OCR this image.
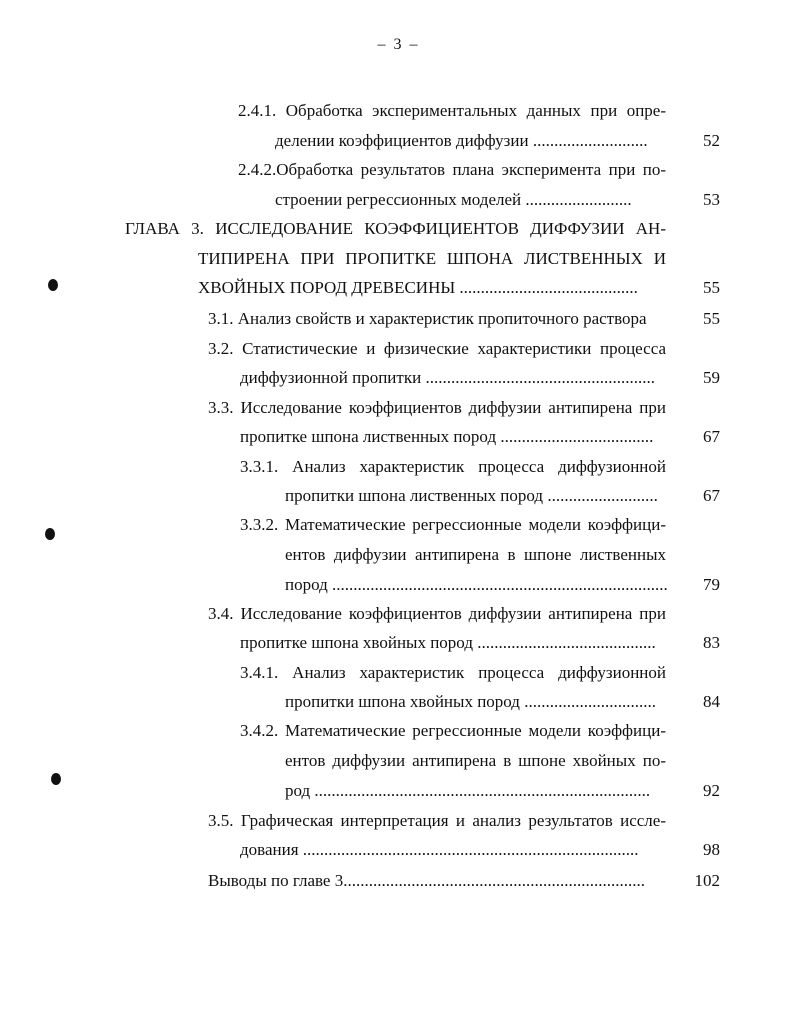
– 3 –
2.4.1. Обработка экспериментальных данных при опре-
делении коэффициентов диффузии ...........................	52
2.4.2.Обработка результатов плана эксперимента при по-
строении регрессионных моделей .........................	53
ГЛАВА 3. ИССЛЕДОВАНИЕ КОЭФФИЦИЕНТОВ ДИФФУЗИИ АН-
ТИПИРЕНА ПРИ ПРОПИТКЕ ШПОНА ЛИСТВЕННЫХ И
ХВОЙНЫХ ПОРОД ДРЕВЕСИНЫ ..........................................	55
3.1. Анализ свойств и характеристик пропиточного раствора	55
3.2. Статистические и физические характеристики процесса
диффузионной пропитки ......................................................	59
3.3. Исследование коэффициентов диффузии антипирена при
пропитке шпона лиственных пород ....................................	67
3.3.1. Анализ характеристик процесса диффузионной
пропитки шпона лиственных пород ..........................	67
3.3.2. Математические регрессионные модели коэффици-
ентов диффузии антипирена в шпоне лиственных
пород ...............................................................................	79
3.4. Исследование коэффициентов диффузии антипирена при
пропитке шпона хвойных пород ..........................................	83
3.4.1. Анализ характеристик процесса диффузионной
пропитки шпона хвойных пород ...............................	84
3.4.2. Математические регрессионные модели коэффици-
ентов диффузии антипирена в шпоне хвойных по-
род ...............................................................................	92
3.5. Графическая интерпретация и анализ результатов иссле-
дования ...............................................................................	98
Выводы по главе 3.......................................................................	102
